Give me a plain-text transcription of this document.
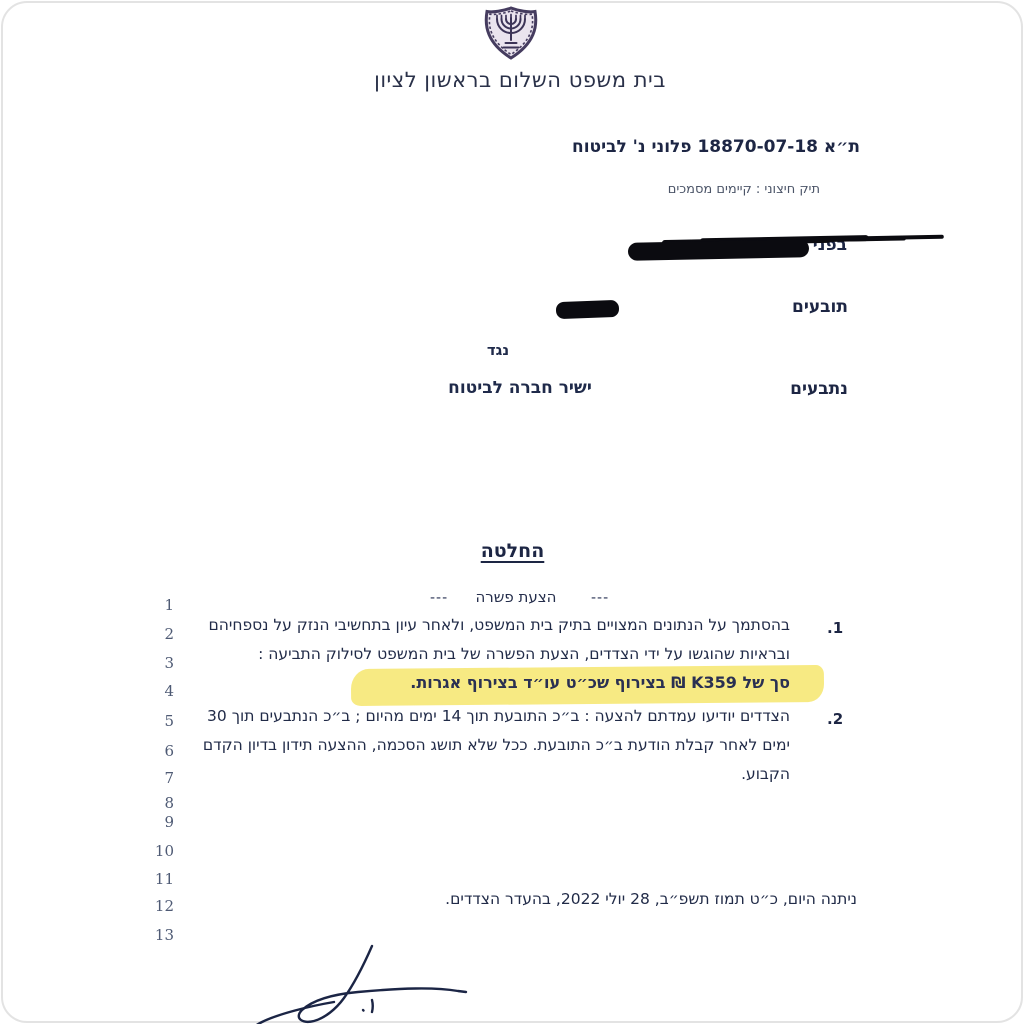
בית משפט השלום בראשון לציון
ת״א 18870-07-18 פלוני נ' לביטוח
תיק חיצוני : קיימים מסמכים
בפני
תובעים
נגד
נתבעים
ישיר חברה לביטוח
החלטה
---	הצעת פשרה	---
.1
בהסתמך על הנתונים המצויים בתיק בית המשפט, ולאחר עיון בתחשיבי הנזק על נספחיהם
ובראיות שהוגשו על ידי הצדדים, הצעת הפשרה של בית המשפט לסילוק התביעה :
סך של K359 ₪ בצירוף שכ״ט עו״ד בצירוף אגרות.
.2
הצדדים יודיעו עמדתם להצעה : ב״כ התובעת תוך 14 ימים מהיום ; ב״כ הנתבעים תוך 30
ימים לאחר קבלת הודעת ב״כ התובעת. ככל שלא תושג הסכמה, ההצעה תידון בדיון הקדם
הקבוע.
ניתנה היום, כ״ט תמוז תשפ״ב, 28 יולי 2022, בהעדר הצדדים.
1
2
3
4
5
6
7
8
9
10
11
12
13
